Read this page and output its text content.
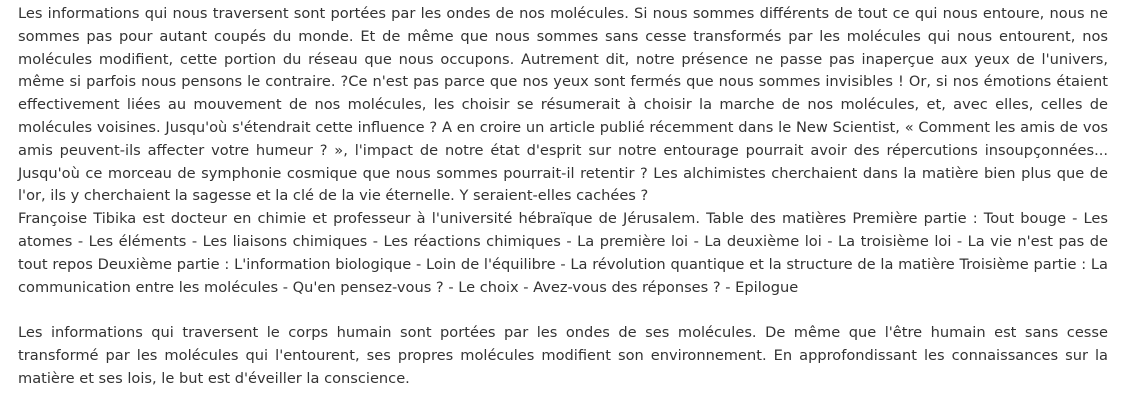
Les informations qui nous traversent sont portées par les ondes de nos molécules. Si nous sommes différents de tout ce qui nous entoure, nous ne sommes pas pour autant coupés du monde. Et de même que nous sommes sans cesse transformés par les molécules qui nous entourent, nos molécules modifient, cette portion du réseau que nous occupons. Autrement dit, notre présence ne passe pas inaperçue aux yeux de l'univers, même si parfois nous pensons le contraire. ?Ce n'est pas parce que nos yeux sont fermés que nous sommes invisibles ! Or, si nos émotions étaient effectivement liées au mouvement de nos molécules, les choisir se résumerait à choisir la marche de nos molécules, et, avec elles, celles de molécules voisines. Jusqu'où s'étendrait cette influence ? A en croire un article publié récemment dans le New Scientist, « Comment les amis de vos amis peuvent-ils affecter votre humeur ? », l'impact de notre état d'esprit sur notre entourage pourrait avoir des répercutions insoupçonnées... Jusqu'où ce morceau de symphonie cosmique que nous sommes pourrait-il retentir ? Les alchimistes cherchaient dans la matière bien plus que de l'or, ils y cherchaient la sagesse et la clé de la vie éternelle. Y seraient-elles cachées ?

Françoise Tibika est docteur en chimie et professeur à l'université hébraïque de Jérusalem. Table des matières Première partie : Tout bouge - Les atomes - Les éléments - Les liaisons chimiques - Les réactions chimiques - La première loi - La deuxième loi - La troisième loi - La vie n'est pas de tout repos Deuxième partie : L'information biologique - Loin de l'équilibre - La révolution quantique et la structure de la matière Troisième partie : La communication entre les molécules - Qu'en pensez-vous ? - Le choix - Avez-vous des réponses ? - Epilogue

Les informations qui traversent le corps humain sont portées par les ondes de ses molécules. De même que l'être humain est sans cesse transformé par les molécules qui l'entourent, ses propres molécules modifient son environnement. En approfondissant les connaissances sur la matière et ses lois, le but est d'éveiller la conscience.
